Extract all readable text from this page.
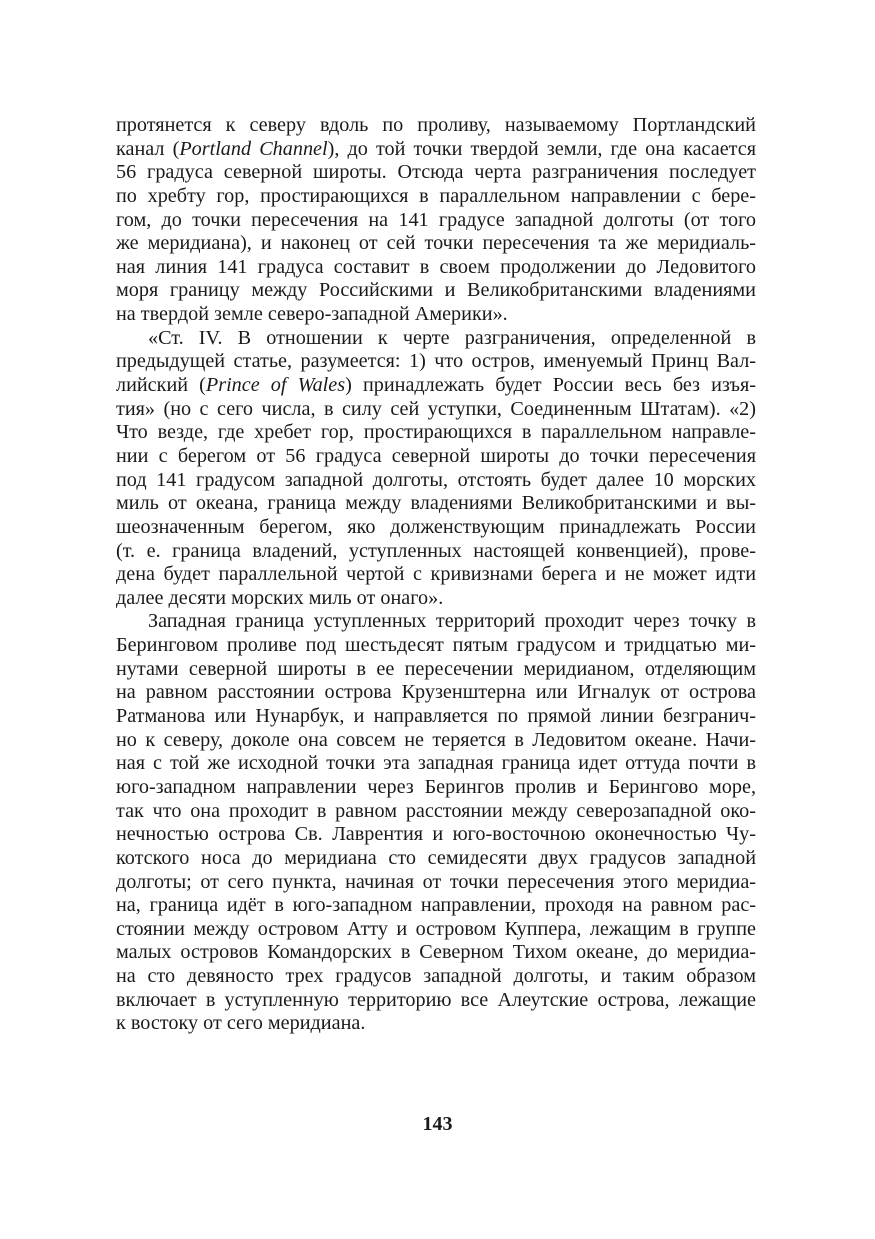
протянется к северу вдоль по проливу, называемому Портландский
канал (Portland Channel), до той точки твердой земли, где она касается
56 градуса северной широты. Отсюда черта разграничения последует
по хребту гор, простирающихся в параллельном направлении с бере-
гом, до точки пересечения на 141 градусе западной долготы (от того
же меридиана), и наконец от сей точки пересечения та же меридиаль-
ная линия 141 градуса составит в своем продолжении до Ледовитого
моря границу между Российскими и Великобританскими владениями
на твердой земле северо-западной Америки».
«Ст. IV. В отношении к черте разграничения, определенной в
предыдущей статье, разумеется: 1) что остров, именуемый Принц Вал-
лийский (Prince of Wales) принадлежать будет России весь без изъя-
тия» (но с сего числа, в силу сей уступки, Соединенным Штатам). «2)
Что везде, где хребет гор, простирающихся в параллельном направле-
нии с берегом от 56 градуса северной широты до точки пересечения
под 141 градусом западной долготы, отстоять будет далее 10 морских
миль от океана, граница между владениями Великобританскими и вы-
шеозначенным берегом, яко долженствующим принадлежать России
(т. е. граница владений, уступленных настоящей конвенцией), прове-
дена будет параллельной чертой с кривизнами берега и не может идти
далее десяти морских миль от онаго».
Западная граница уступленных территорий проходит через точку в
Беринговом проливе под шестьдесят пятым градусом и тридцатью ми-
нутами северной широты в ее пересечении меридианом, отделяющим
на равном расстоянии острова Крузенштерна или Игналук от острова
Ратманова или Нунарбук, и направляется по прямой линии безгранич-
но к северу, доколе она совсем не теряется в Ледовитом океане. Начи-
ная с той же исходной точки эта западная граница идет оттуда почти в
юго-западном направлении через Берингов пролив и Берингово море,
так что она проходит в равном расстоянии между северозападной око-
нечностью острова Св. Лаврентия и юго-восточною оконечностью Чу-
котского носа до меридиана сто семидесяти двух градусов западной
долготы; от сего пункта, начиная от точки пересечения этого меридиа-
на, граница идёт в юго-западном направлении, проходя на равном рас-
стоянии между островом Атту и островом Куппера, лежащим в группе
малых островов Командорских в Северном Тихом океане, до меридиа-
на сто девяносто трех градусов западной долготы, и таким образом
включает в уступленную территорию все Алеутские острова, лежащие
к востоку от сего меридиана.
143
